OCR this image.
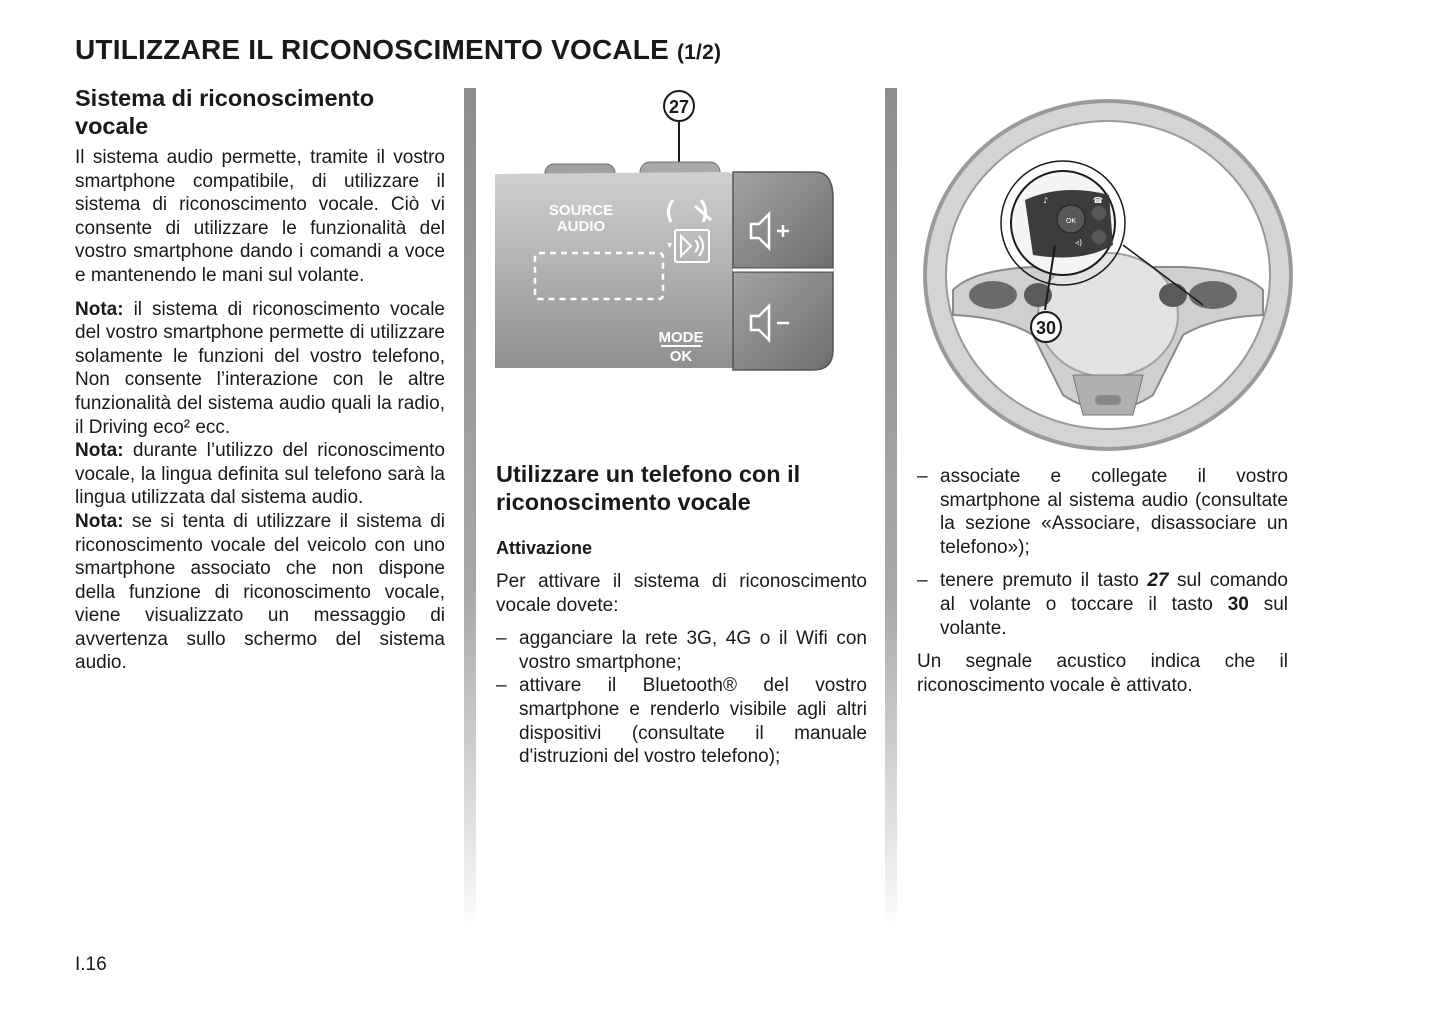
UTILIZZARE IL RICONOSCIMENTO VOCALE (1/2)
Sistema di riconoscimento vocale

Il sistema audio permette, tramite il vostro smartphone compatibile, di utilizzare il sistema di riconoscimento vocale. Ciò vi consente di utilizzare le funzionalità del vostro smartphone dando i comandi a voce e mantenendo le mani sul volante.

Nota: il sistema di riconoscimento vocale del vostro smartphone permette di utilizzare solamente le funzioni del vostro telefono, Non consente l’interazione con le altre funzionalità del sistema audio quali la radio, il Driving eco² ecc.

Nota: durante l’utilizzo del riconoscimento vocale, la lingua definita sul telefono sarà la lingua utilizzata dal sistema audio.

Nota: se si tenta di utilizzare il sistema di riconoscimento vocale del veicolo con uno smartphone associato che non dispone della funzione di riconoscimento vocale, viene visualizzato un messaggio di avvertenza sullo schermo del sistema audio.

27
SOURCE
AUDIO
▾
MODE
OK
Utilizzare un telefono con il riconoscimento vocale
Attivazione

Per attivare il sistema di riconoscimento vocale dovete:

– agganciare la rete 3G, 4G o il Wifi con vostro smartphone;
– attivare il Bluetooth® del vostro smartphone e renderlo visibile agli altri dispositivi (consultate il manuale d'istruzioni del vostro telefono);
OK
☎
♪
◃)
30
– associate e collegate il vostro smartphone al sistema audio (consultate la sezione «Associare, disassociare un telefono»);
– tenere premuto il tasto 27 sul comando al volante o toccare il tasto 30 sul volante.

Un segnale acustico indica che il riconoscimento vocale è attivato.

I.16
